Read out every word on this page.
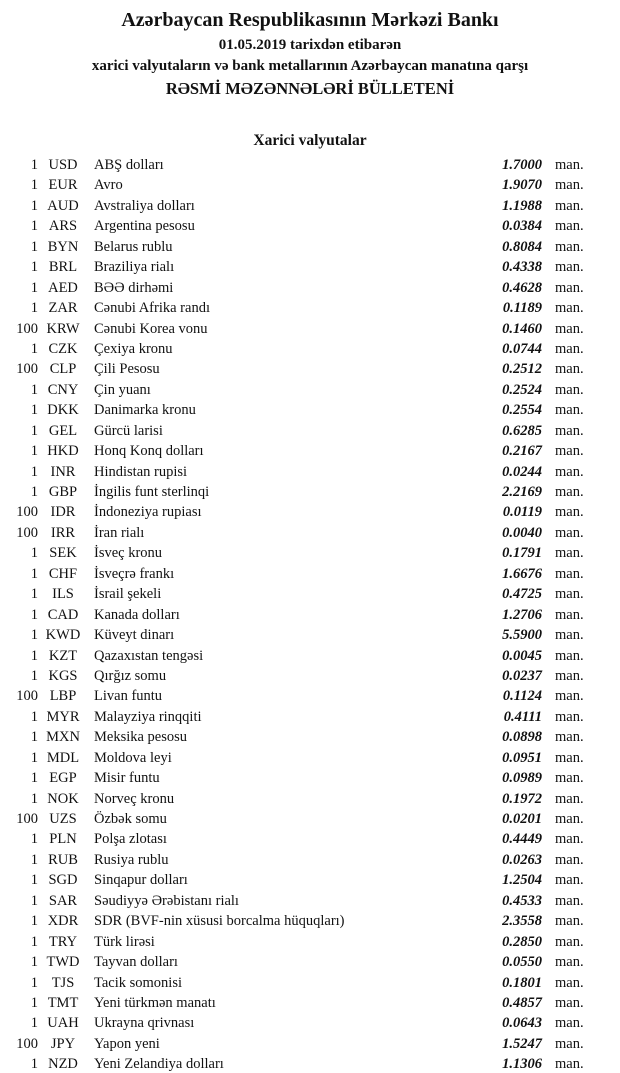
Azərbaycan Respublikasının Mərkəzi Bankı
01.05.2019 tarixdən etibarən
xarici valyutaların və bank metallarının Azərbaycan manatına qarşı
RƏSMİ MƏZƏNNƏLƏRİ BÜLLETENİ
Xarici valyutalar
1 USD	ABŞ dolları	1.7000 man.
1 EUR	Avro	1.9070 man.
1 AUD	Avstraliya dolları	1.1988 man.
1 ARS	Argentina pesosu	0.0384 man.
1 BYN	Belarus rublu	0.8084 man.
1 BRL	Braziliya rialı	0.4338 man.
1 AED	BƏƏ dirhəmi	0.4628 man.
1 ZAR	Cənubi Afrika randı	0.1189 man.
100 KRW Cənubi Korea vonu	0.1460 man.
1 CZK	Çexiya kronu	0.0744 man.
100 CLP	Çili Pesosu	0.2512 man.
1 CNY	Çin yuanı	0.2524 man.
1 DKK	Danimarka kronu	0.2554 man.
1 GEL	Gürcü larisi	0.6285 man.
1 HKD	Honq Konq dolları	0.2167 man.
1 INR	Hindistan rupisi	0.0244 man.
1 GBP	İngilis funt sterlinqi	2.2169 man.
100 IDR	İndoneziya rupiası	0.0119 man.
100 IRR	İran rialı	0.0040 man.
1 SEK	İsveç kronu	0.1791 man.
1 CHF	İsveçrə frankı	1.6676 man.
1 ILS	İsrail şekeli	0.4725 man.
1 CAD	Kanada dolları	1.2706 man.
1 KWD Küveyt dinarı	5.5900 man.
1 KZT	Qazaxıstan tengəsi	0.0045 man.
1 KGS	Qırğız somu	0.0237 man.
100 LBP	Livan funtu	0.1124 man.
1 MYR Malayziya rinqqiti	0.4111 man.
1 MXN Meksika pesosu	0.0898 man.
1 MDL	Moldova leyi	0.0951 man.
1 EGP	Misir funtu	0.0989 man.
1 NOK	Norveç kronu	0.1972 man.
100 UZS	Özbək somu	0.0201 man.
1 PLN	Polşa zlotası	0.4449 man.
1 RUB	Rusiya rublu	0.0263 man.
1 SGD	Sinqapur dolları	1.2504 man.
1 SAR	Səudiyyə Ərəbistanı rialı	0.4533 man.
1 XDR	SDR (BVF-nin xüsusi borcalma hüquqları)	2.3558 man.
1 TRY	Türk lirəsi	0.2850 man.
1 TWD	Tayvan dolları	0.0550 man.
1 TJS	Tacik somonisi	0.1801 man.
1 TMT	Yeni türkmən manatı	0.4857 man.
1 UAH	Ukrayna qrivnası	0.0643 man.
100 JPY	Yapon yeni	1.5247 man.
1 NZD	Yeni Zelandiya dolları	1.1306 man.
